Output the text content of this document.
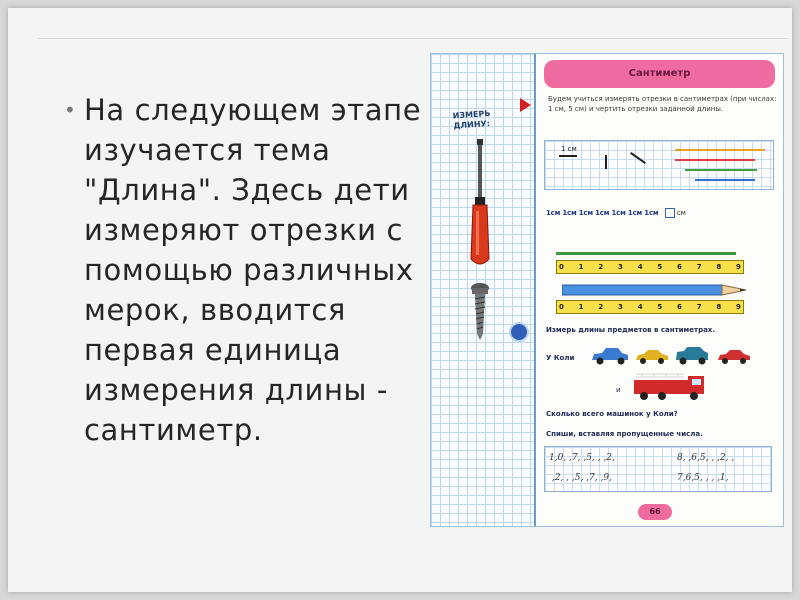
• На следующем этапе изучается тема "Длина". Здесь дети измеряют отрезки с помощью различных мерок, вводится первая единица измерения длины - сантиметр.

ИЗМЕРЬ ДЛИНУ:
Сантиметр
Будем учиться измерять отрезки в сантиметрах (при числах: 1 см, 5 см) и чертить отрезки заданной длины.
1 см
1см 1см 1см 1см 1см 1см 1см	см
0 1 2 3 4 5 6 7 8 9
0 1 2 3 4 5 6 7 8 9
Измерь длины предметов в сантиметрах.
У Коли
и
Сколько всего машинок у Коли?
Спиши, вставляя пропущенные числа.
1,0, ,7, ,5, , ,2,	8, ,6,5, , ,2, ,
,2, , ,5, ,7, ,9,	7,6,5, , , ,1,
66
